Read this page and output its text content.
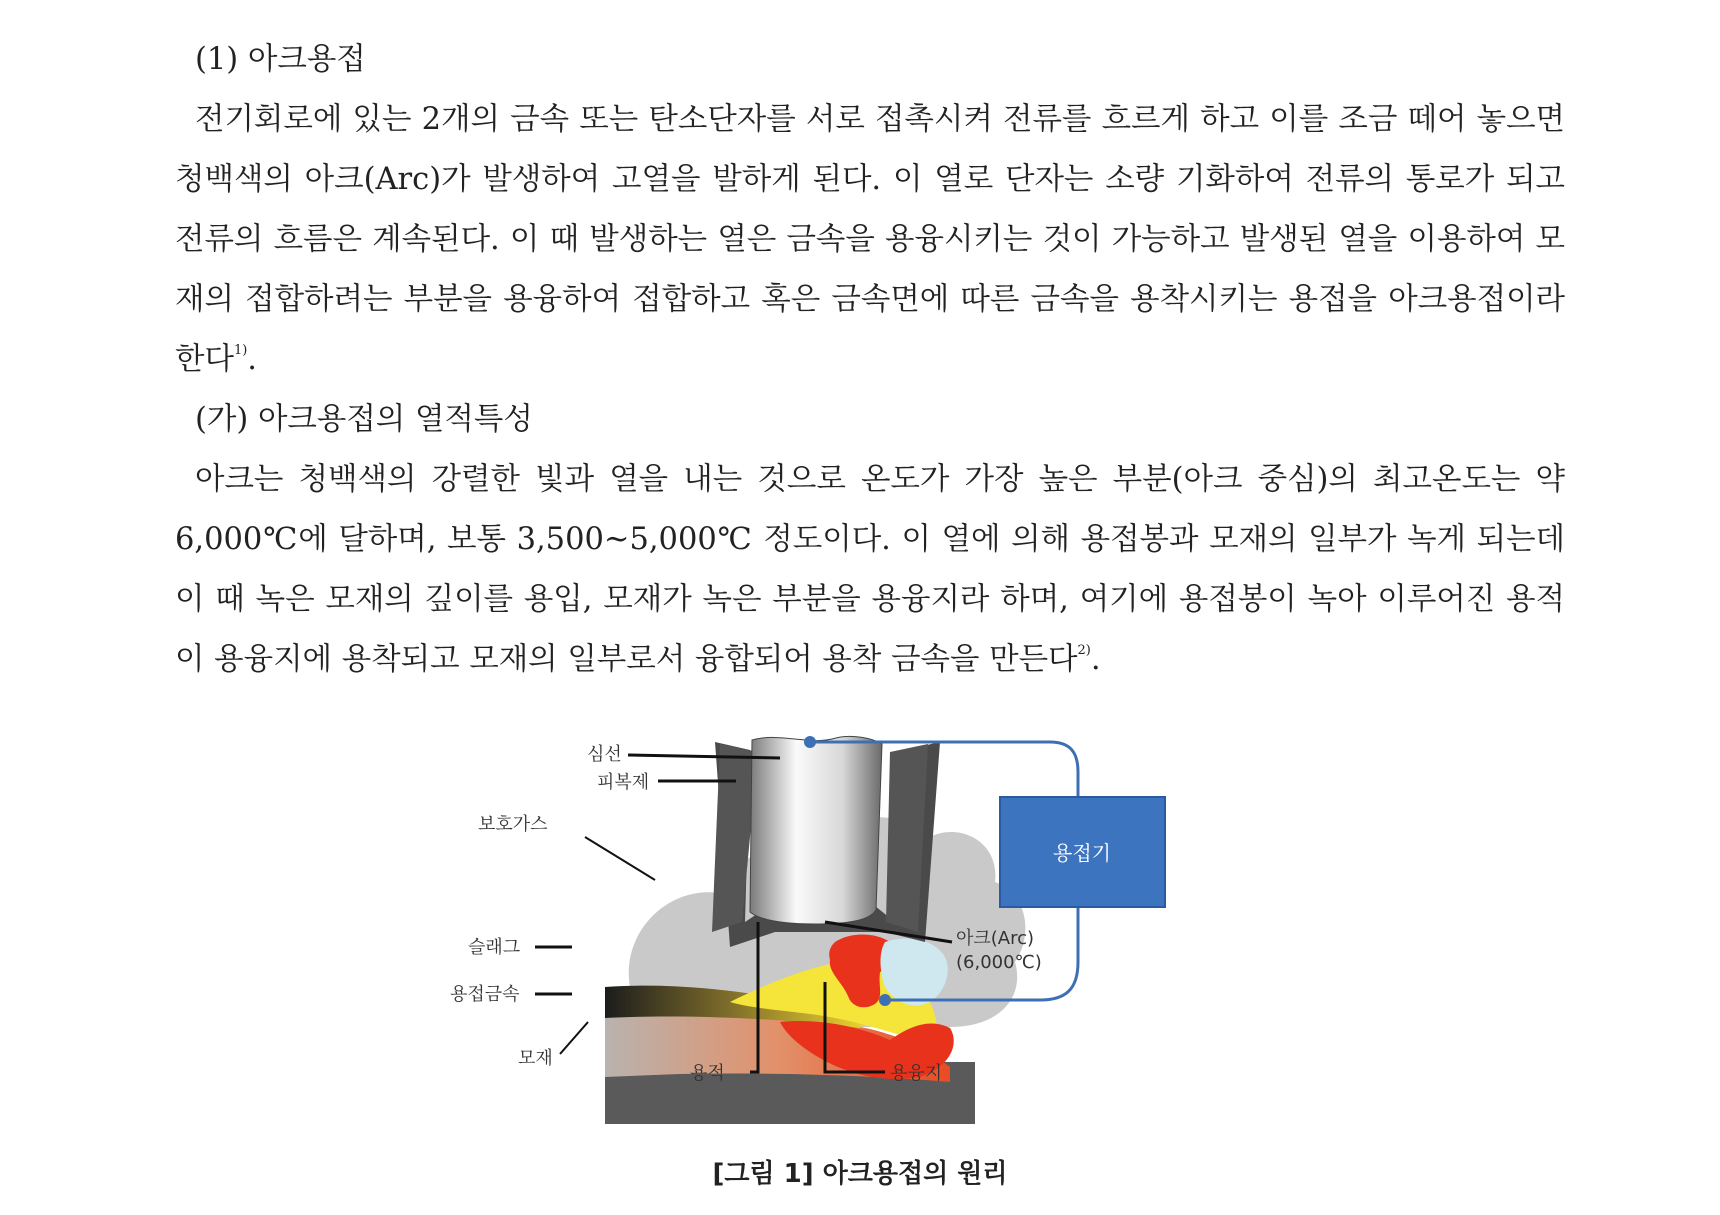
(1) 아크용접

전기회로에 있는 2개의 금속 또는 탄소단자를 서로 접촉시켜 전류를 흐르게 하고 이를 조금 떼어 놓으면 청백색의 아크(Arc)가 발생하여 고열을 발하게 된다. 이 열로 단자는 소량 기화하여 전류의 통로가 되고 전류의 흐름은 계속된다. 이 때 발생하는 열은 금속을 용융시키는 것이 가능하고 발생된 열을 이용하여 모재의 접합하려는 부분을 용융하여 접합하고 혹은 금속면에 따른 금속을 용착시키는 용접을 아크용접이라 한다$^{1)}$.

(가) 아크용접의 열적특성

아크는 청백색의 강렬한 빛과 열을 내는 것으로 온도가 가장 높은 부분(아크 중심)의 최고온도는 약 6,000℃에 달하며, 보통 3,500~5,000℃ 정도이다. 이 열에 의해 용접봉과 모재의 일부가 녹게 되는데 이 때 녹은 모재의 깊이를 용입, 모재가 녹은 부분을 용융지라 하며, 여기에 용접봉이 녹아 이루어진 용적이 용융지에 용착되고 모재의 일부로서 융합되어 용착 금속을 만든다$^{2)}$.

용접기
심선
피복제
보호가스
슬래그
용접금속
모재
용적	용융지
아크(Arc)
(6,000℃)
[그림 1] 아크용접의 원리
